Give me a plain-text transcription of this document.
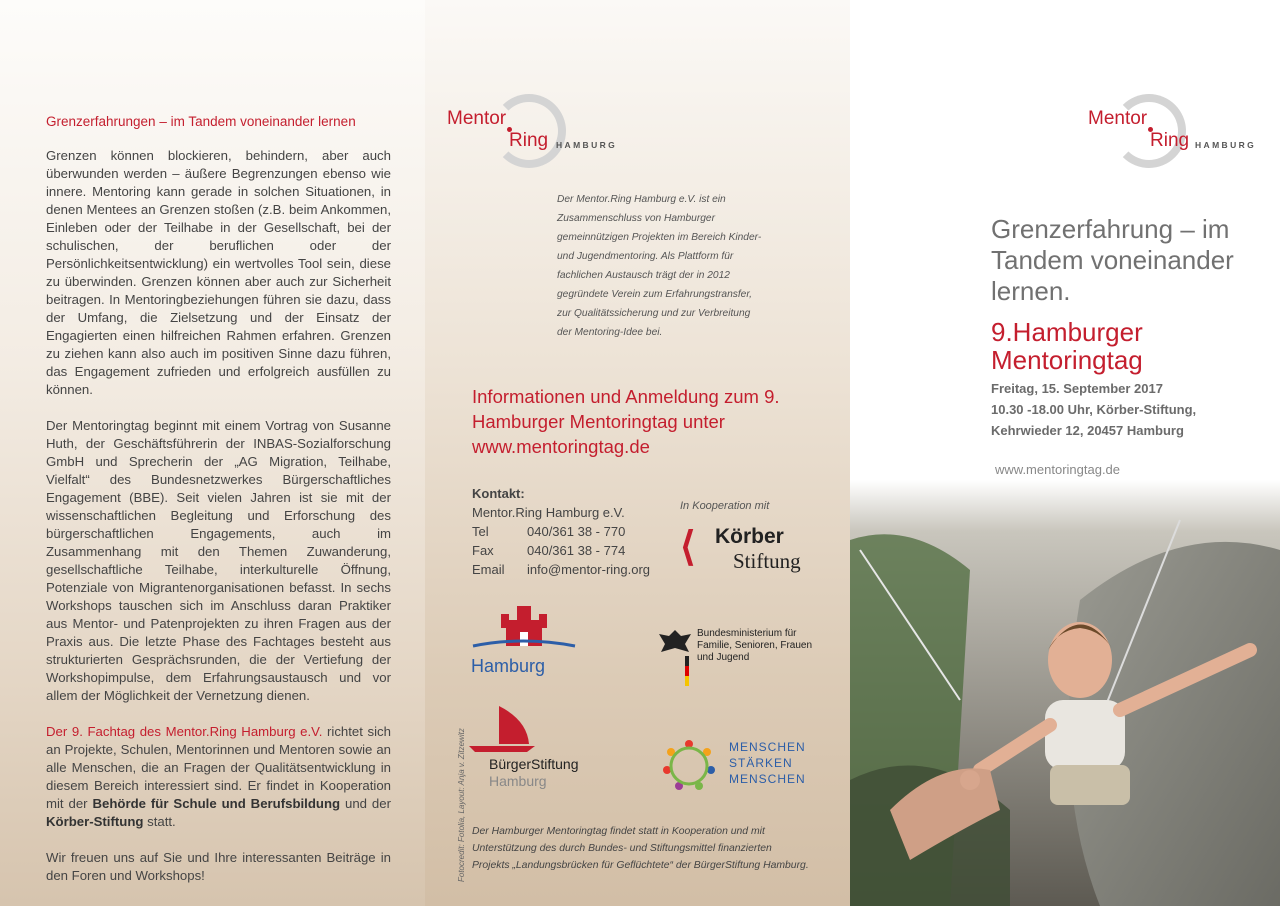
Grenzerfahrungen – im Tandem voneinander lernen

Grenzen können blockieren, behindern, aber auch überwunden werden – äußere Begrenzungen ebenso wie innere. Mentoring kann gerade in solchen Situationen, in denen Mentees an Grenzen stoßen (z.B. beim Ankommen, Einleben oder der Teilhabe in der Gesellschaft, bei der schulischen, der beruflichen oder der Persönlichkeitsentwicklung) ein wertvolles Tool sein, diese zu überwinden. Grenzen können aber auch zur Sicherheit beitragen. In Mentoringbeziehungen führen sie dazu, dass der Umfang, die Zielsetzung und der Einsatz der Engagierten einen hilfreichen Rahmen erfahren. Grenzen zu ziehen kann also auch im positiven Sinne dazu führen, das Engagement zufrieden und erfolgreich ausfüllen zu können.

Der Mentoringtag beginnt mit einem Vortrag von Susanne Huth, der Geschäftsführerin der INBAS-Sozialforschung GmbH und Sprecherin der „AG Migration, Teilhabe, Vielfalt“ des Bundesnetzwerkes Bürgerschaftliches Engagement (BBE). Seit vielen Jahren ist sie mit der wissenschaftlichen Begleitung und Erforschung des bürgerschaftlichen Engagements, auch im Zusammenhang mit den Themen Zuwanderung, gesellschaftliche Teilhabe, interkulturelle Öffnung, Potenziale von Migrantenorganisationen befasst. In sechs Workshops tauschen sich im Anschluss daran Praktiker aus Mentor- und Patenprojekten zu ihren Fragen aus der Praxis aus. Die letzte Phase des Fachtages besteht aus strukturierten Gesprächsrunden, die der Vertiefung der Workshopimpulse, dem Erfahrungsaustausch und vor allem der Möglichkeit der Vernetzung dienen.

Der 9. Fachtag des Mentor.Ring Hamburg e.V. richtet sich an Projekte, Schulen, Mentorinnen und Mentoren sowie an alle Menschen, die an Fragen der Qualitätsentwicklung in diesem Bereich interessiert sind. Er findet in Kooperation mit der Behörde für Schule und Berufsbildung und der Körber-Stiftung statt.

Wir freuen uns auf Sie und Ihre interessanten Beiträge in den Foren und Workshops!

Mentor
Ring HAMBURG
Der Mentor.Ring Hamburg e.V. ist ein Zusammenschluss von Hamburger gemeinnützigen Projekten im Bereich Kinder- und Jugendmentoring. Als Plattform für fachlichen Austausch trägt der in 2012 gegründete Verein zum Erfahrungstransfer, zur Qualitätssicherung und zur Verbreitung der Mentoring-Idee bei.
Informationen und Anmeldung zum 9. Hamburger Mentoringtag unter www.mentoringtag.de
Kontakt:
Mentor.Ring Hamburg e.V.
Tel	040/361 38 - 770
Fax	040/361 38 - 774
Email info@mentor-ring.org
In Kooperation mit
⟨ Körber
Stiftung
Hamburg
Bundesministerium für Familie, Senioren, Frauen und Jugend
BürgerStiftung
Hamburg
MENSCHEN
STÄRKEN
MENSCHEN
Fotocredit: Fotolia, Layout: Anja v. Zitzewitz Der Hamburger Mentoringtag findet statt in Kooperation und mit Unterstützung des durch Bundes- und Stiftungsmittel finanzierten Projekts „Landungsbrücken für Geflüchtete“ der BürgerStiftung Hamburg.
Mentor
Ring HAMBURG
Grenzerfahrung – im Tandem voneinander lernen.
9.Hamburger
Mentoringtag
Freitag, 15. September 2017
10.30 -18.00 Uhr, Körber-Stiftung,
Kehrwieder 12, 20457 Hamburg
www.mentoringtag.de
